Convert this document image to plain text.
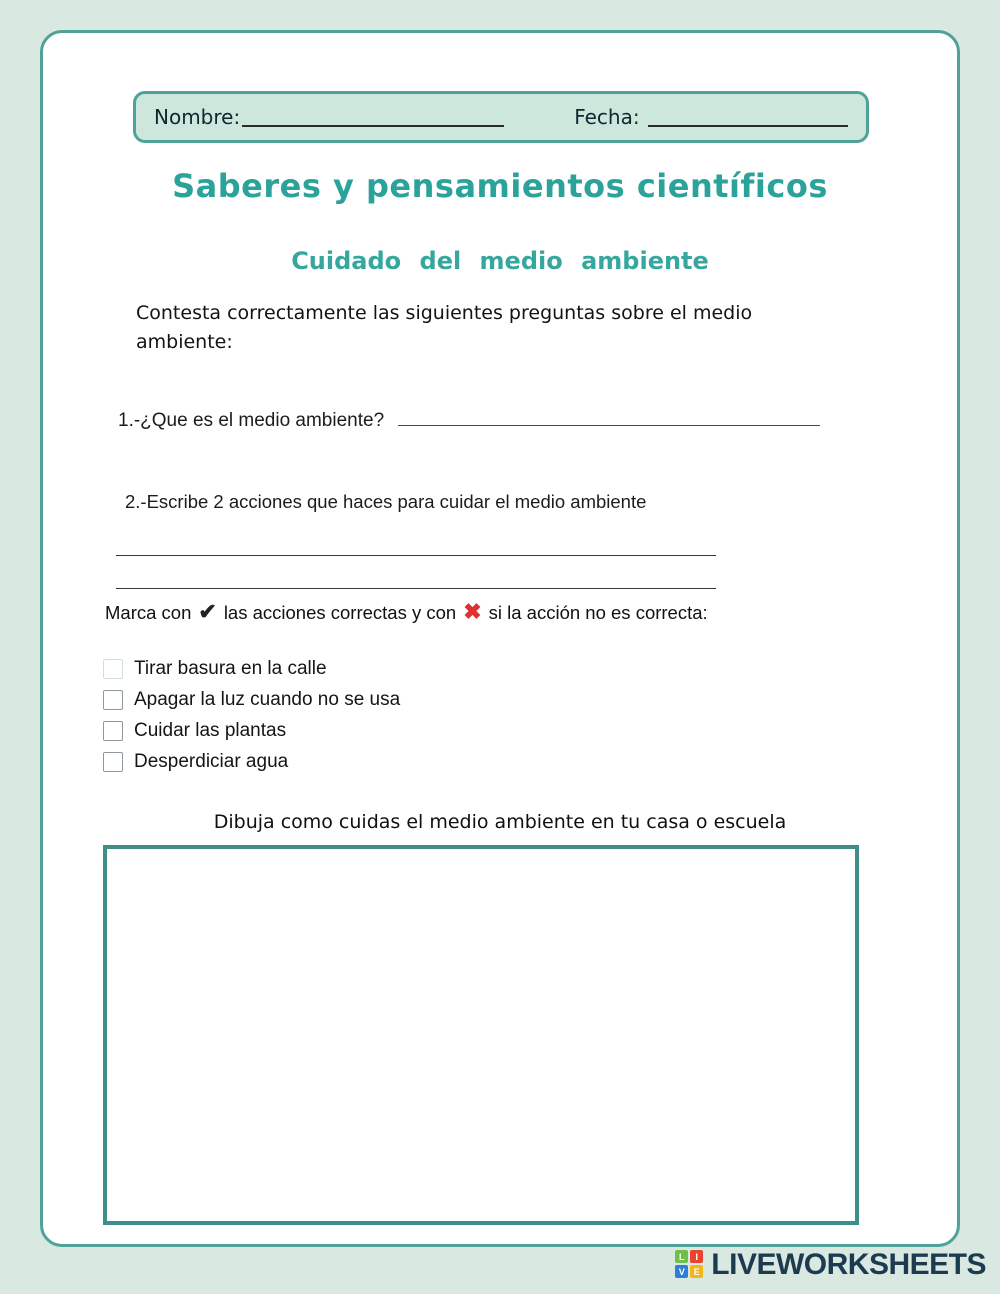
Nombre:	Fecha:
Saberes y pensamientos científicos
Cuidado del medio ambiente

Contesta correctamente las siguientes preguntas sobre el medio ambiente:

1.-¿Que es el medio ambiente?
2.-Escribe 2 acciones que haces para cuidar el medio ambiente
Marca con ✔ las acciones correctas y con ✖ si la acción no es correcta:
Tirar basura en la calle
Apagar la luz cuando no se usa
Cuidar las plantas
Desperdiciar agua
Dibuja como cuidas el medio ambiente en tu casa o escuela
L	I
V E LIVEWORKSHEETS
